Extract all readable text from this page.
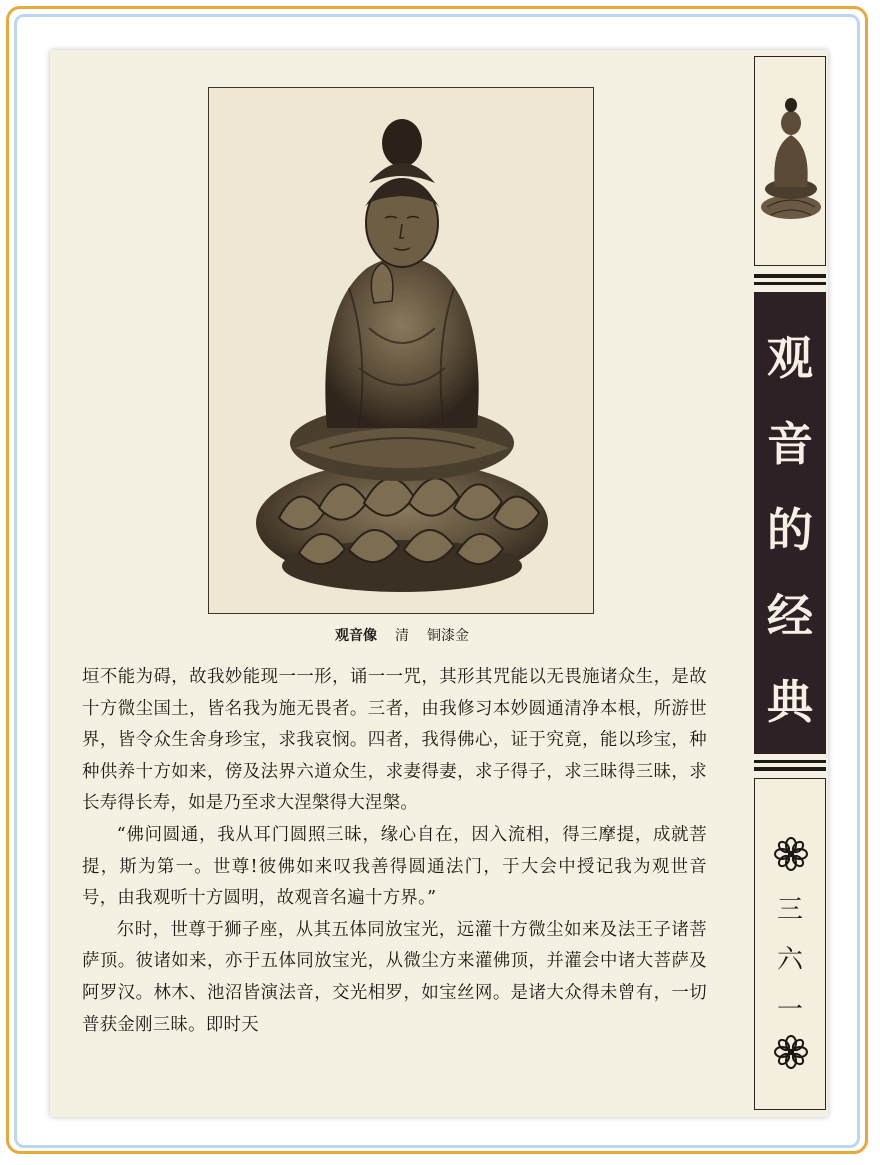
观音像 清 铜漆金

垣不能为碍，故我妙能现一一形，诵一一咒，其形其咒能以无畏施诸众生，是故十方微尘国土，皆名我为施无畏者。三者，由我修习本妙圆通清净本根，所游世界，皆令众生舍身珍宝，求我哀悯。四者，我得佛心，证于究竟，能以珍宝，种种供养十方如来，傍及法界六道众生，求妻得妻，求子得子，求三昧得三昧，求长寿得长寿，如是乃至求大涅槃得大涅槃。

“佛问圆通，我从耳门圆照三昧，缘心自在，因入流相，得三摩提，成就菩提，斯为第一。世尊!彼佛如来叹我善得圆通法门，于大会中授记我为观世音号，由我观听十方圆明，故观音名遍十方界。”

尔时，世尊于狮子座，从其五体同放宝光，远灌十方微尘如来及法王子诸菩萨顶。彼诸如来，亦于五体同放宝光，从微尘方来灌佛顶，并灌会中诸大菩萨及阿罗汉。林木、池沼皆演法音，交光相罗，如宝丝网。是诸大众得未曾有，一切普获金刚三昧。即时天

观
音
的
经
典
三
六
一
